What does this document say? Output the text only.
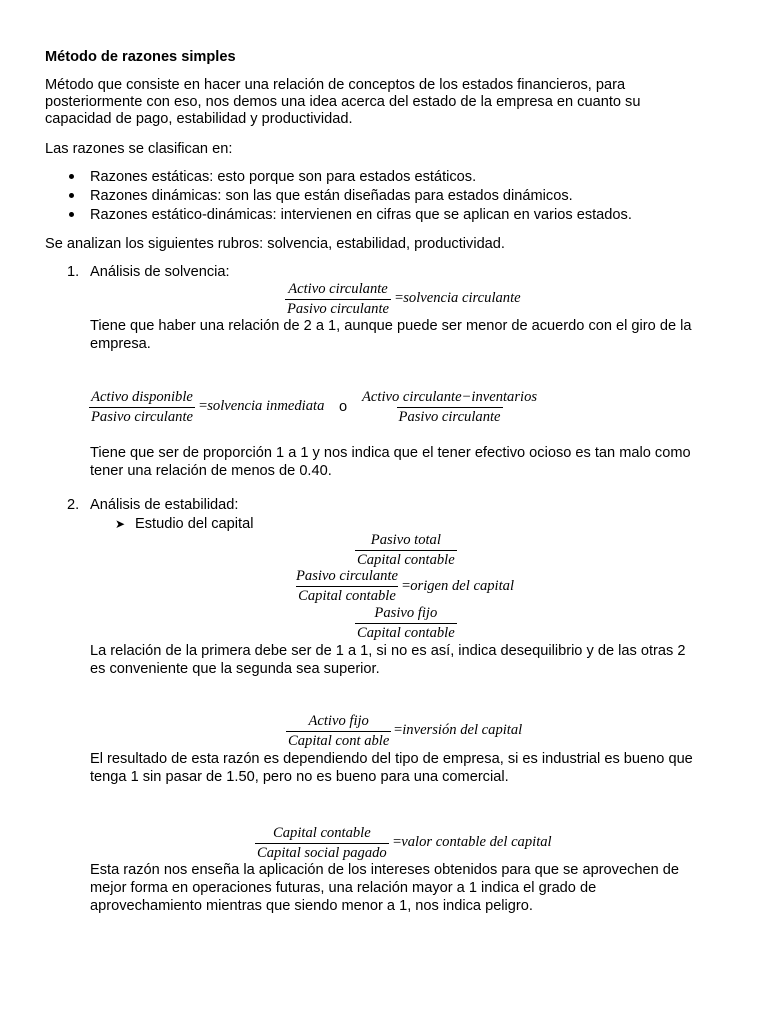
Método de razones simples
Método que consiste en hacer una relación de conceptos de los estados financieros, para
posteriormente con eso, nos demos una idea acerca del estado de la empresa en cuanto su
capacidad de pago, estabilidad y productividad.
Las razones se clasifican en:
Razones estáticas: esto porque son para estados estáticos.
Razones dinámicas: son las que están diseñadas para estados dinámicos.
Razones estático-dinámicas: intervienen en cifras que se aplican en varios estados.
Se analizan los siguientes rubros: solvencia, estabilidad, productividad.
1. Análisis de solvencia:
Activo circulante
Pasivo circulante
=solvencia circulante
Tiene que haber una relación de 2 a 1, aunque puede ser menor de acuerdo con el giro de la
empresa.
Activo disponible
Pasivo circulante
=solvencia inmediata o
Activo circulante−inventarios
Pasivo circulante
Tiene que ser de proporción 1 a 1 y nos indica que el tener efectivo ocioso es tan malo como
tener una relación de menos de 0.40.
2. Análisis de estabilidad:
➤ Estudio del capital
Pasivo total
Capital contable
Pasivo circulante
Capital contable
=origen del capital
Pasivo fijo
Capital contable
La relación de la primera debe ser de 1 a 1, si no es así, indica desequilibrio y de las otras 2
es conveniente que la segunda sea superior.
Activo fijo
Capital cont able
=inversión del capital
El resultado de esta razón es dependiendo del tipo de empresa, si es industrial es bueno que
tenga 1 sin pasar de 1.50, pero no es bueno para una comercial.
Capital contable
Capital social pagado
=valor contable del capital
Esta razón nos enseña la aplicación de los intereses obtenidos para que se aprovechen de
mejor forma en operaciones futuras, una relación mayor a 1 indica el grado de
aprovechamiento mientras que siendo menor a 1, nos indica peligro.
